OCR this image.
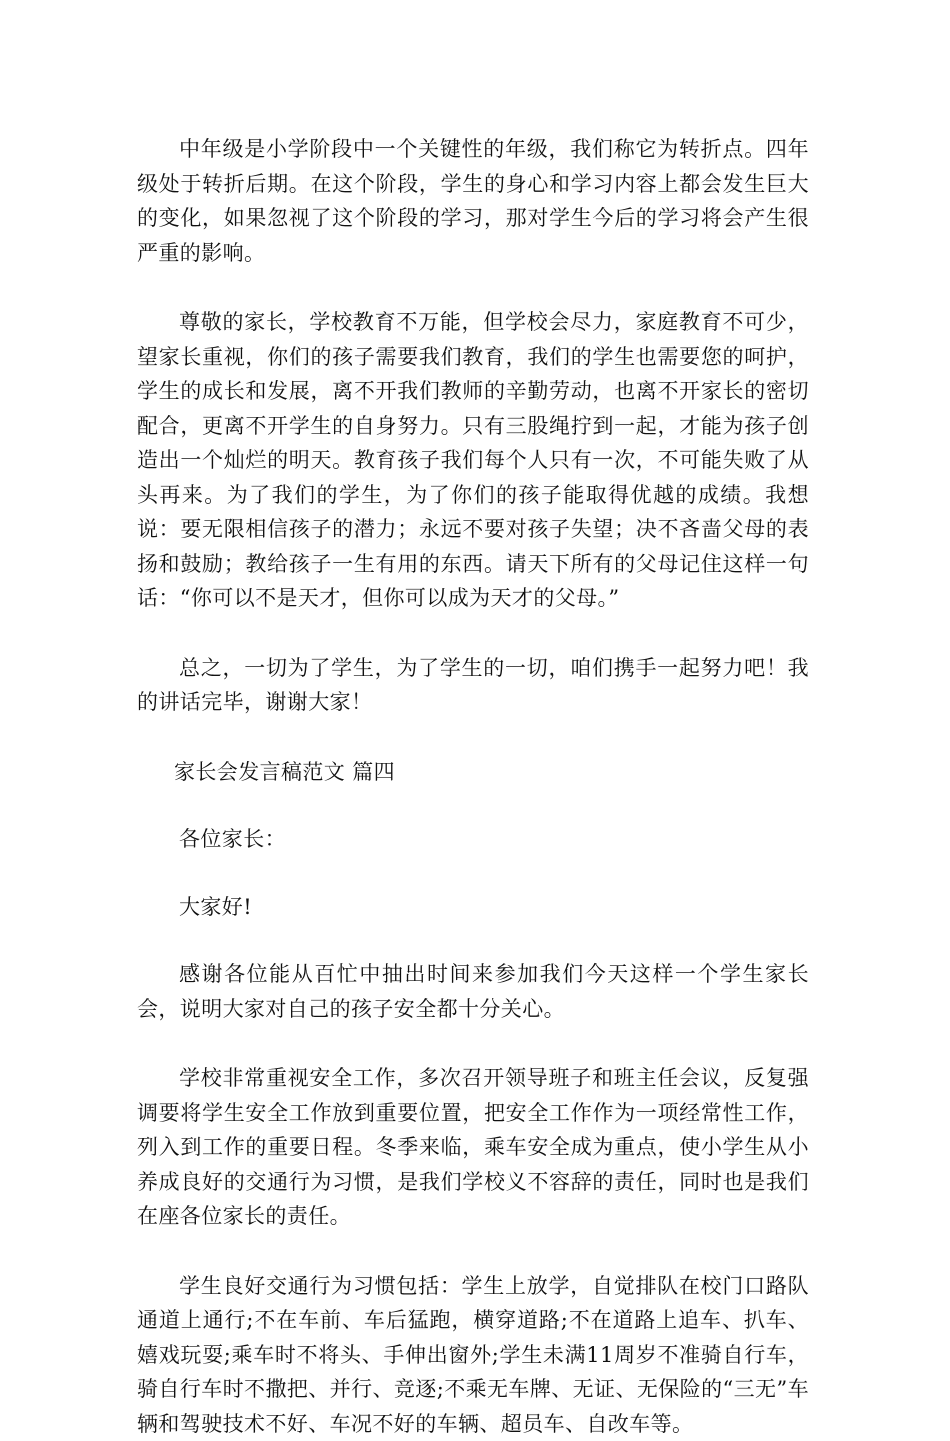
中年级是小学阶段中一个关键性的年级，我们称它为转折点。四年级处于转折后期。在这个阶段，学生的身心和学习内容上都会发生巨大的变化，如果忽视了这个阶段的学习，那对学生今后的学习将会产生很严重的影响。

尊敬的家长，学校教育不万能，但学校会尽力，家庭教育不可少，望家长重视，你们的孩子需要我们教育，我们的学生也需要您的呵护，学生的成长和发展，离不开我们教师的辛勤劳动，也离不开家长的密切配合，更离不开学生的自身努力。只有三股绳拧到一起，才能为孩子创造出一个灿烂的明天。教育孩子我们每个人只有一次，不可能失败了从头再来。为了我们的学生，为了你们的孩子能取得优越的成绩。我想说：要无限相信孩子的潜力；永远不要对孩子失望；决不吝啬父母的表扬和鼓励；教给孩子一生有用的东西。请天下所有的父母记住这样一句话：“你可以不是天才，但你可以成为天才的父母。”

总之，一切为了学生，为了学生的一切，咱们携手一起努力吧！我的讲话完毕，谢谢大家！

家长会发言稿范文 篇四

各位家长：

大家好!

感谢各位能从百忙中抽出时间来参加我们今天这样一个学生家长会，说明大家对自己的孩子安全都十分关心。

学校非常重视安全工作，多次召开领导班子和班主任会议，反复强调要将学生安全工作放到重要位置，把安全工作作为一项经常性工作，列入到工作的重要日程。冬季来临，乘车安全成为重点，使小学生从小养成良好的交通行为习惯，是我们学校义不容辞的责任，同时也是我们在座各位家长的责任。

学生良好交通行为习惯包括：学生上放学，自觉排队在校门口路队通道上通行;不在车前、车后猛跑，横穿道路;不在道路上追车、扒车、嬉戏玩耍;乘车时不将头、手伸出窗外;学生未满11周岁不准骑自行车，骑自行车时不撒把、并行、竞逐;不乘无车牌、无证、无保险的“三无”车辆和驾驶技术不好、车况不好的车辆、超员车、自改车等。
